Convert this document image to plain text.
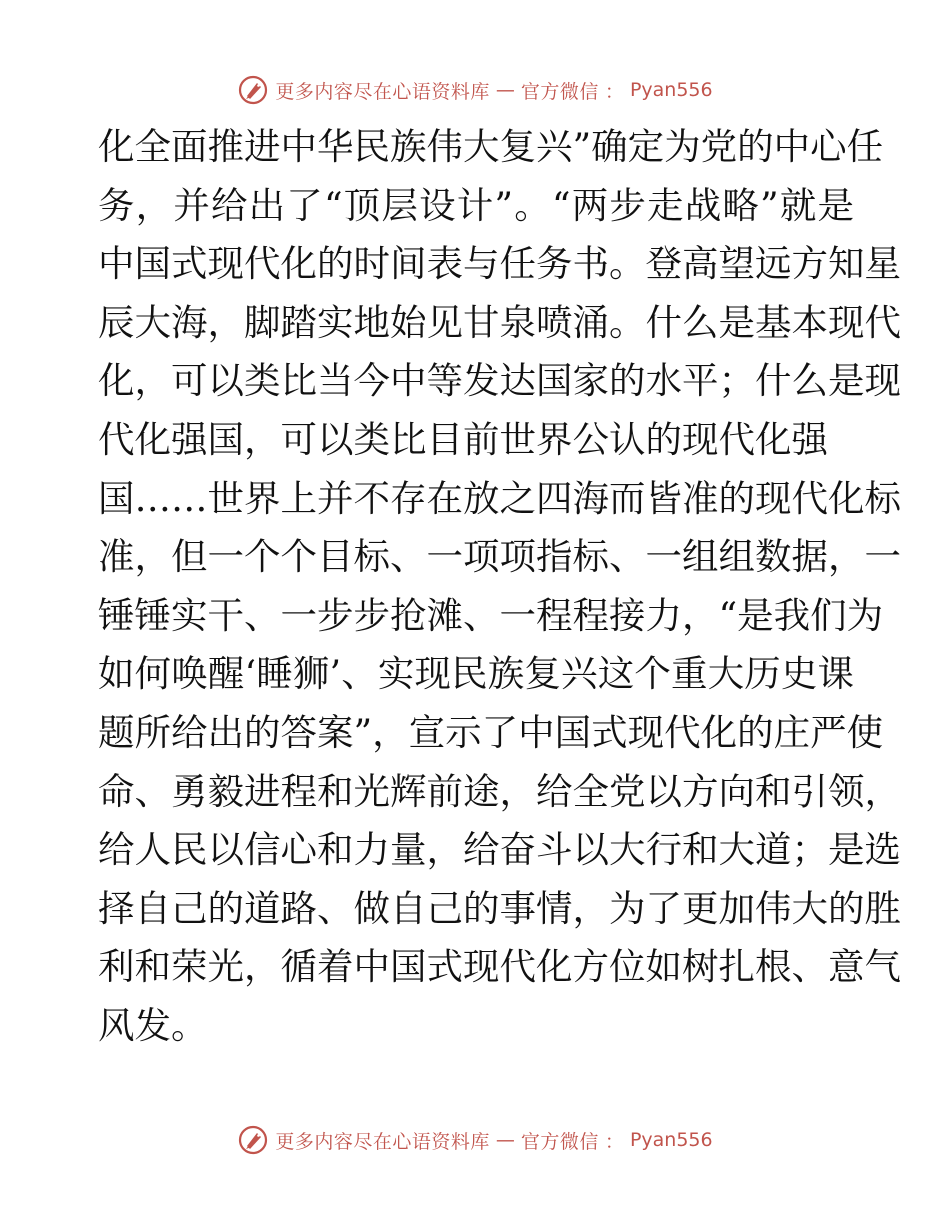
更多内容尽在心语资料库 — 官方微信 ： Pyan556
化全面推进中华民族伟大复兴”确定为党的中心任
务，并给出了“顶层设计”。“两步走战略”就是
中国式现代化的时间表与任务书。登高望远方知星
辰大海，脚踏实地始见甘泉喷涌。什么是基本现代
化，可以类比当今中等发达国家的水平；什么是现
代化强国，可以类比目前世界公认的现代化强
国……世界上并不存在放之四海而皆准的现代化标
准，但一个个目标、一项项指标、一组组数据，一
锤锤实干、一步步抢滩、一程程接力，“是我们为
如何唤醒‘睡狮’、实现民族复兴这个重大历史课
题所给出的答案”，宣示了中国式现代化的庄严使
命、勇毅进程和光辉前途，给全党以方向和引领，
给人民以信心和力量，给奋斗以大行和大道；是选
择自己的道路、做自己的事情，为了更加伟大的胜
利和荣光，循着中国式现代化方位如树扎根、意气
风发。
更多内容尽在心语资料库 — 官方微信 ： Pyan556
